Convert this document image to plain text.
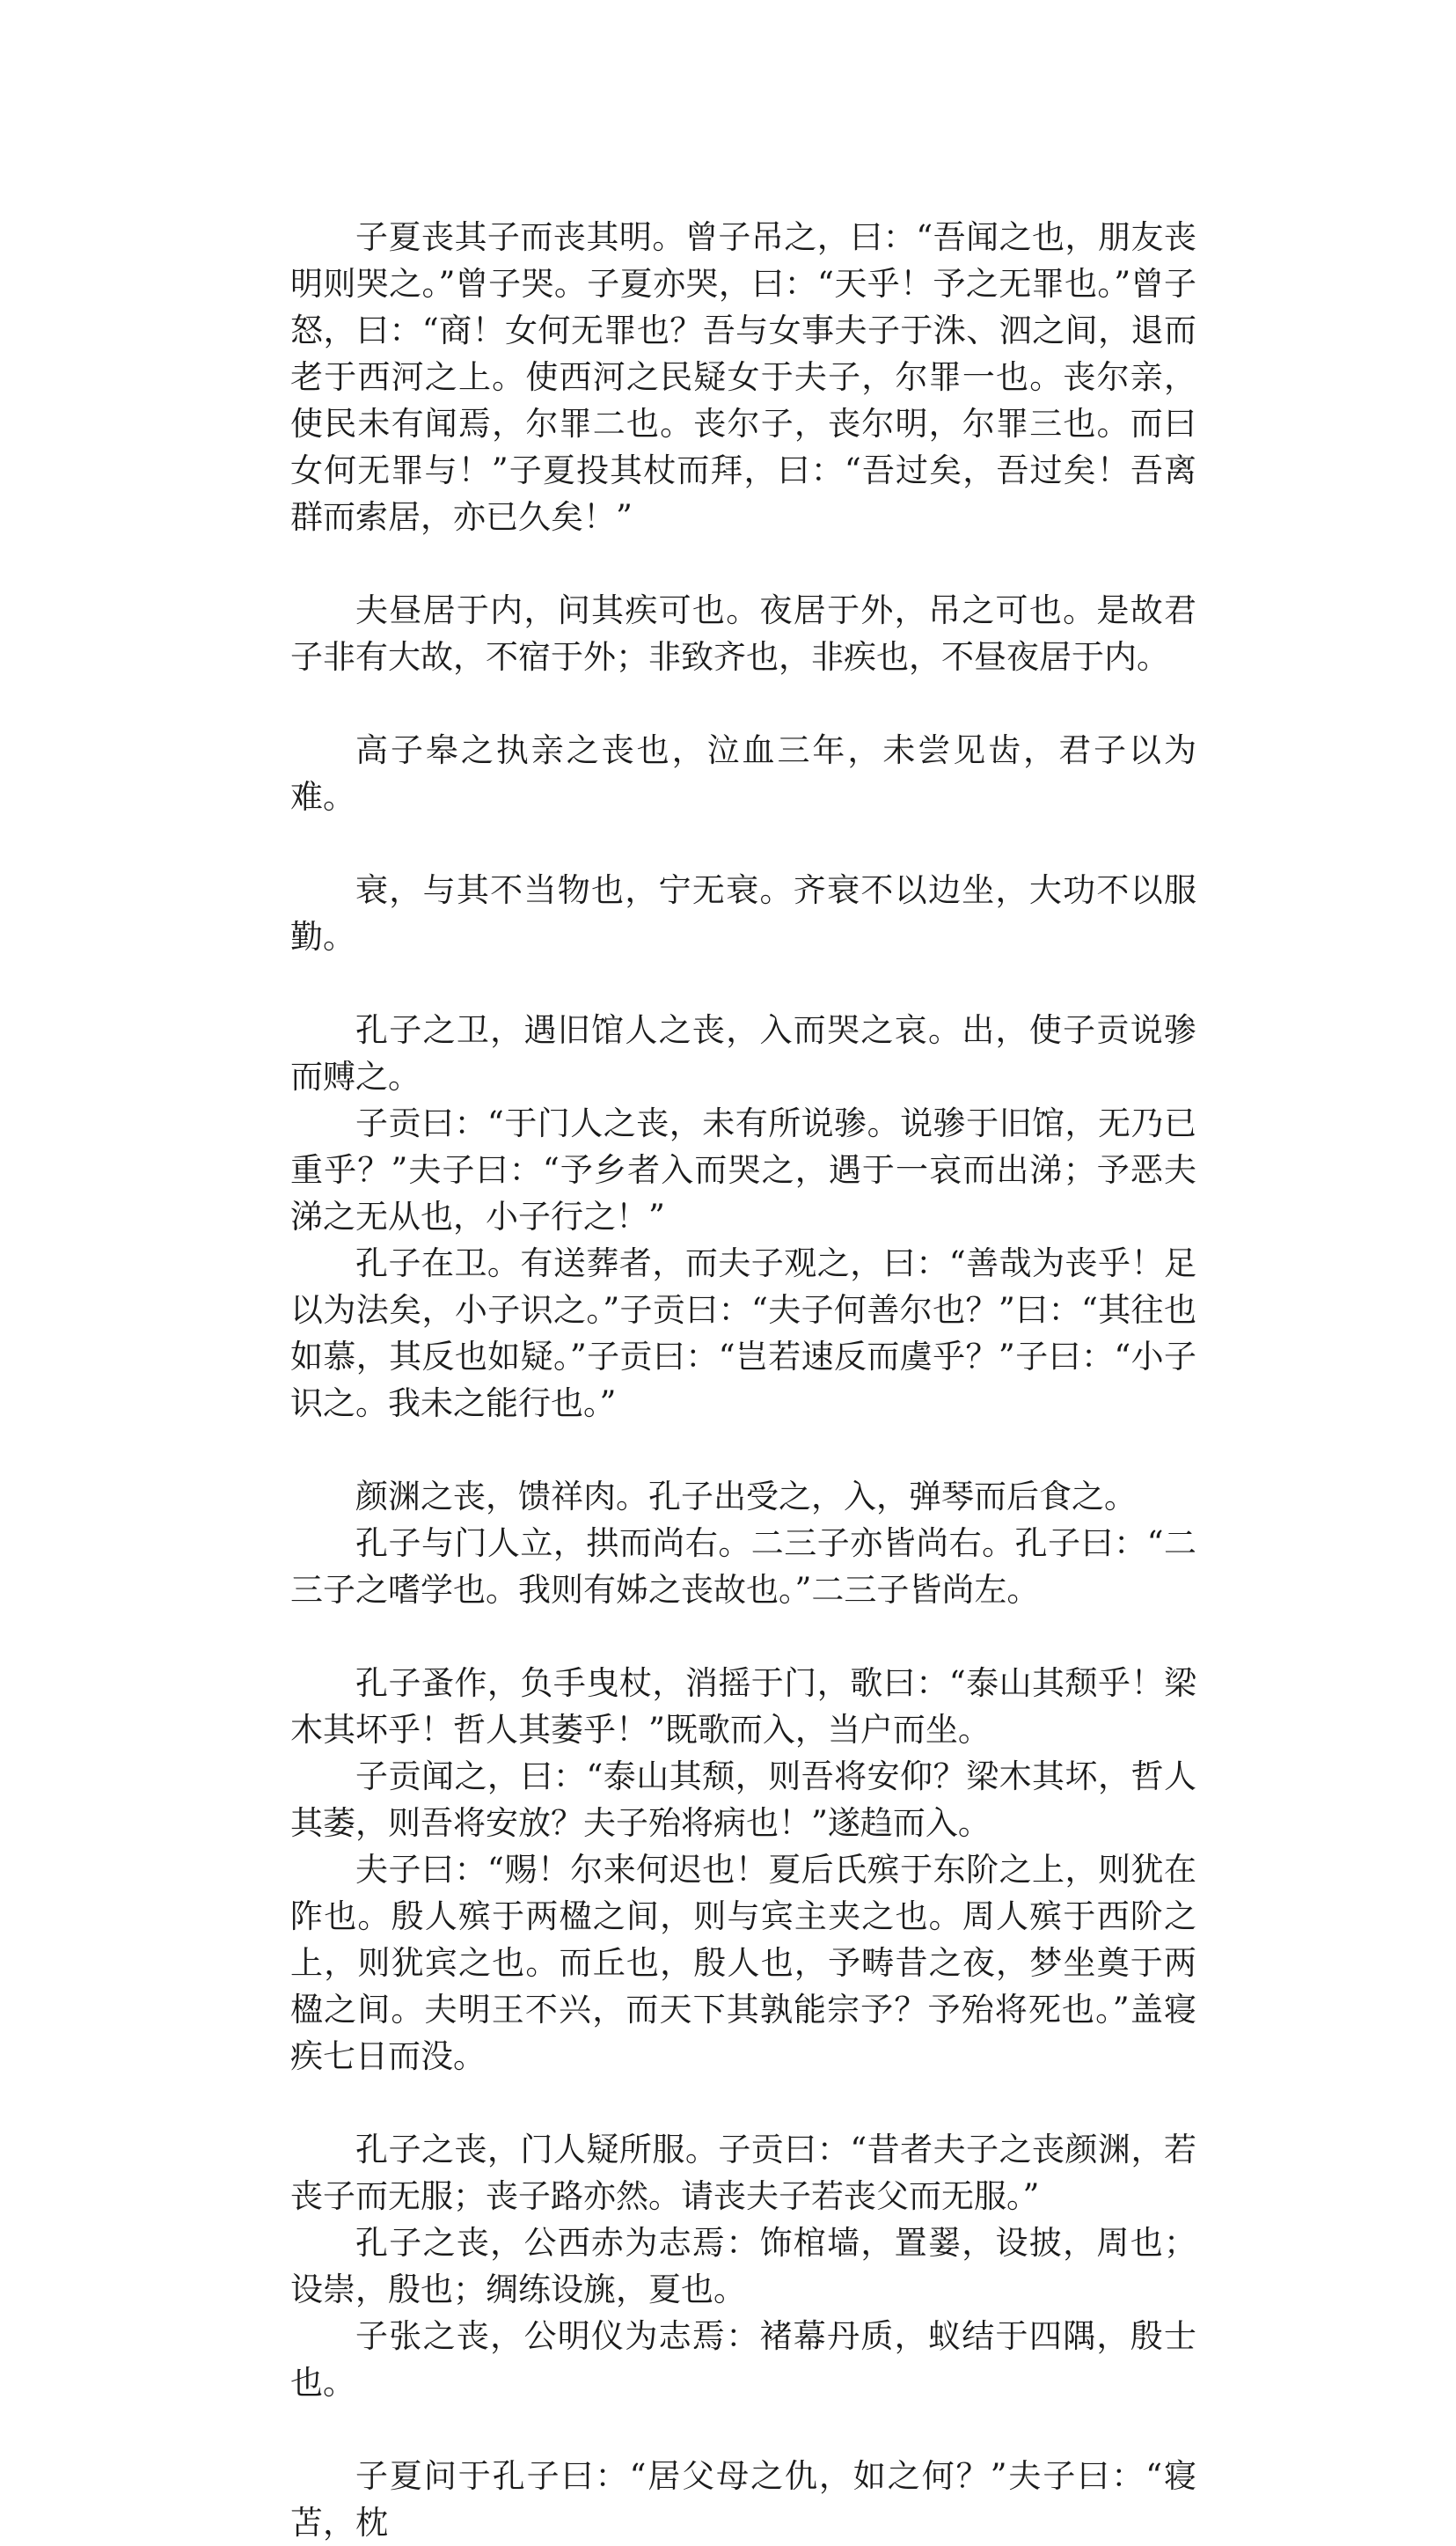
子夏丧其子而丧其明。曾子吊之，曰：“吾闻之也，朋友丧明则哭之。”曾子哭。子夏亦哭，曰：“天乎！予之无罪也。”曾子怒，曰：“商！女何无罪也？吾与女事夫子于洙、泗之间，退而老于西河之上。使西河之民疑女于夫子，尔罪一也。丧尔亲，使民未有闻焉，尔罪二也。丧尔子，丧尔明，尔罪三也。而曰女何无罪与！”子夏投其杖而拜，曰：“吾过矣，吾过矣！吾离群而索居，亦已久矣！”

夫昼居于内，问其疾可也。夜居于外，吊之可也。是故君子非有大故，不宿于外；非致齐也，非疾也，不昼夜居于内。

高子皋之执亲之丧也，泣血三年，未尝见齿，君子以为难。

衰，与其不当物也，宁无衰。齐衰不以边坐，大功不以服勤。

孔子之卫，遇旧馆人之丧，入而哭之哀。出，使子贡说骖而赙之。

子贡曰：“于门人之丧，未有所说骖。说骖于旧馆，无乃已重乎？”夫子曰：“予乡者入而哭之，遇于一哀而出涕；予恶夫涕之无从也，小子行之！”

孔子在卫。有送葬者，而夫子观之，曰：“善哉为丧乎！足以为法矣，小子识之。”子贡曰：“夫子何善尔也？”曰：“其往也如慕，其反也如疑。”子贡曰：“岂若速反而虞乎？”子曰：“小子识之。我未之能行也。”

颜渊之丧，馈祥肉。孔子出受之，入，弹琴而后食之。

孔子与门人立，拱而尚右。二三子亦皆尚右。孔子曰：“二三子之嗜学也。我则有姊之丧故也。”二三子皆尚左。

孔子蚤作，负手曳杖，消摇于门，歌曰：“泰山其颓乎！梁木其坏乎！哲人其萎乎！”既歌而入，当户而坐。

子贡闻之，曰：“泰山其颓，则吾将安仰？梁木其坏，哲人其萎，则吾将安放？夫子殆将病也！”遂趋而入。

夫子曰：“赐！尔来何迟也！夏后氏殡于东阶之上，则犹在阼也。殷人殡于两楹之间，则与宾主夹之也。周人殡于西阶之上，则犹宾之也。而丘也，殷人也，予畴昔之夜，梦坐奠于两楹之间。夫明王不兴，而天下其孰能宗予？予殆将死也。”盖寝疾七日而没。

孔子之丧，门人疑所服。子贡曰：“昔者夫子之丧颜渊，若丧子而无服；丧子路亦然。请丧夫子若丧父而无服。”

孔子之丧，公西赤为志焉：饰棺墙，置翣，设披，周也；设崇，殷也；绸练设旐，夏也。

子张之丧，公明仪为志焉：褚幕丹质，蚁结于四隅，殷士也。

子夏问于孔子曰：“居父母之仇，如之何？”夫子曰：“寝苫，枕
